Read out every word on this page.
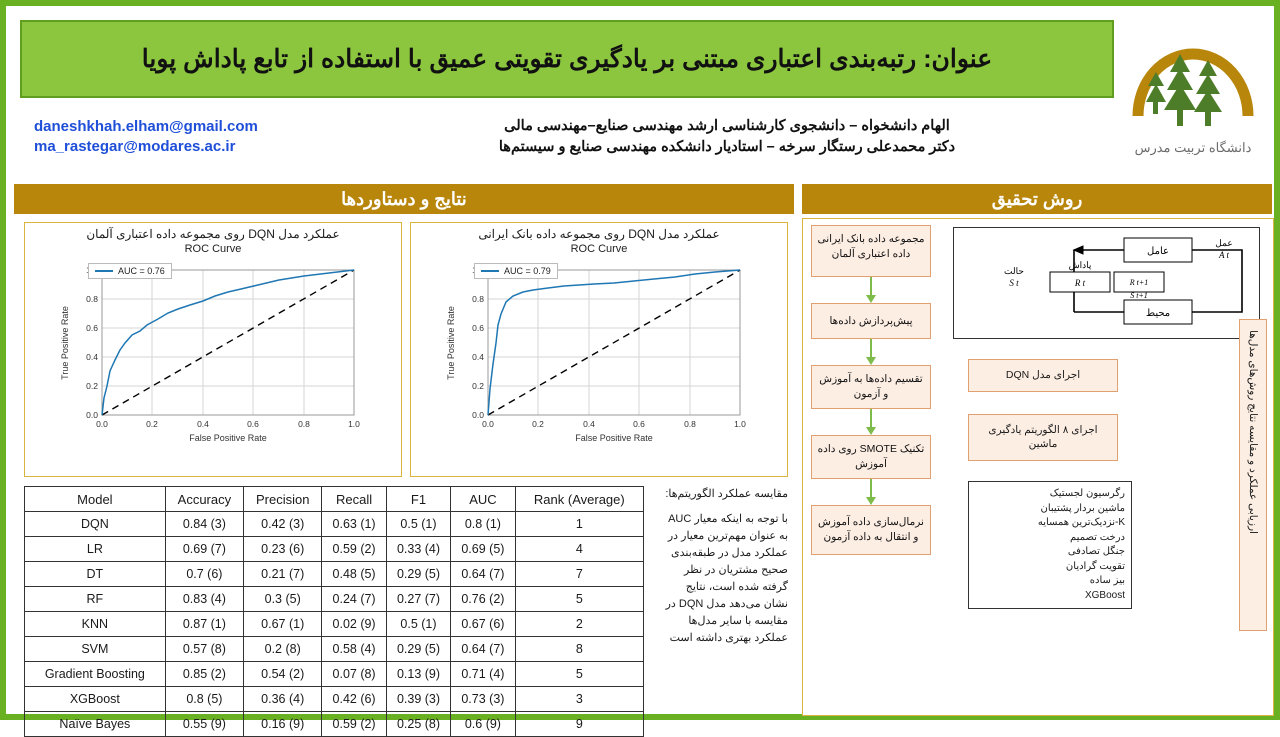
عنوان: رتبه‌بندی اعتباری مبتنی بر یادگیری تقویتی عمیق با استفاده از تابع پاداش پویا
daneshkhah.elham@gmail.com
ma_rastegar@modares.ac.ir
الهام دانشخواه – دانشجوی کارشناسی ارشد مهندسی صنایع–مهندسی مالی
دکتر محمدعلی رستگار سرخه – استادیار دانشکده مهندسی صنایع و سیستم‌ها	دانشگاه تربیت مدرس
نتایج و دستاوردها	روش تحقیق
عملکرد مدل DQN روی مجموعه داده اعتباری آلمان
ROC Curve
0.0
0.2
0.4
0.6
0.8
0.0	0.2	0.4	0.6	0.8	1.0
False Positive Rate
True Positive Rate
AUC = 0.76
عملکرد مدل DQN روی مجموعه داده بانک ایرانی
ROC Curve
0.0
0.2
0.4
0.6
0.8
0.0	0.2	0.4	0.6	0.8	1.0
False Positive Rate
True Positive Rate
AUC = 0.79
Model	Accuracy	Precision	Recall	F1	AUC	Rank (Average)
DQN	0.84 (3)	0.42 (3)	0.63 (1)	0.5 (1)	0.8 (1)	1
LR	0.69 (7)	0.23 (6)	0.59 (2)	0.33 (4)	0.69 (5)	4
DT	0.7 (6)	0.21 (7)	0.48 (5)	0.29 (5)	0.64 (7)	7
RF	0.83 (4)	0.3 (5)	0.24 (7)	0.27 (7)	0.76 (2)	5
KNN	0.87 (1)	0.67 (1)	0.02 (9)	0.5 (1)	0.67 (6)	2
SVM	0.57 (8)	0.2 (8)	0.58 (4)	0.29 (5)	0.64 (7)	8
Gradient Boosting	0.85 (2)	0.54 (2)	0.07 (8)	0.13 (9)	0.71 (4)	5
XGBoost	0.8 (5)	0.36 (4)	0.42 (6)	0.39 (3)	0.73 (3)	3
Naïve Bayes	0.55 (9)	0.16 (9)	0.59 (2)	0.25 (8)	0.6 (9)	9
مقایسه عملکرد الگوریتم‌ها:
با توجه به اینکه معیار AUC به عنوان مهم‌ترین معیار در عملکرد مدل در طبقه‌بندی صحیح مشتریان در نظر گرفته شده است، نتایج نشان می‌دهد مدل DQN در مقایسه با سایر مدل‌ها عملکرد بهتری داشته است
مجموعه داده بانک ایرانی داده اعتباری آلمان
پیش‌پردازش داده‌ها
تقسیم داده‌ها به آموزش و آزمون
تکنیک SMOTE روی داده آموزش
نرمال‌سازی داده آموزش و انتقال به داده آزمون
عامل
محیط
عمل
A t
حالت
S t
پاداش
R t	R t+1
S t+1
اجرای مدل DQN
اجرای ۸ الگوریتم یادگیری ماشین
رگرسیون لجستیک
ماشین بردار پشتیبان
K-نزدیک‌ترین همسایه
درخت تصمیم
جنگل تصادفی
تقویت گرادیان
بیز ساده
XGBoost
ارزیابی عملکرد و مقایسه نتایج روش‌های مدل‌ها
